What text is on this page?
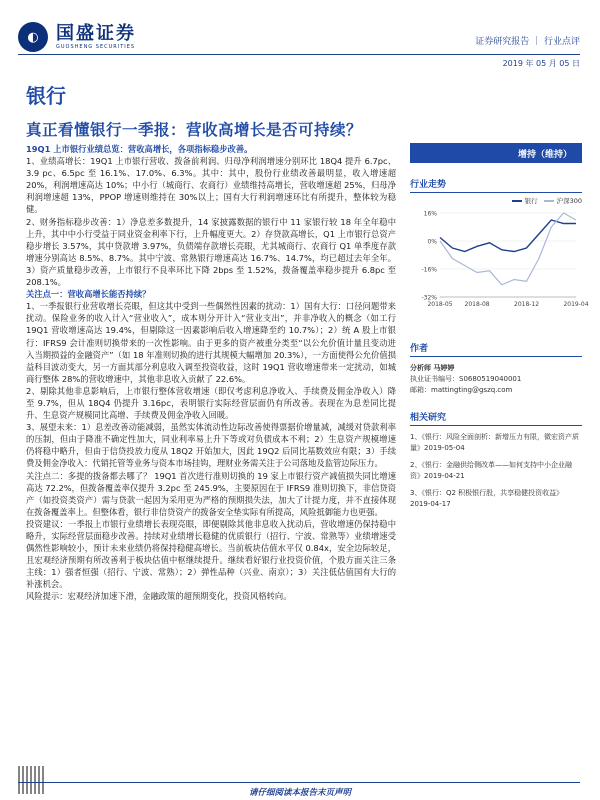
◐ 国盛证券
GUOSHENG SECURITIES	证券研究报告 ｜ 行业点评
2019 年 05 月 05 日
银行
真正看懂银行一季报：营收高增长是否可持续？

19Q1 上市银行业绩总览：营收高增长，各项指标稳步改善。

1、业绩高增长：19Q1 上市银行营收、拨备前利润、归母净利润增速分别环比 18Q4 提升 6.7pc、3.9 pc、6.5pc 至 16.1%、17.0%、6.3%。其中：其中，股份行业绩改善最明显，收入增速超 20%，利润增速高达 10%；中小行（城商行、农商行）业绩维持高增长，营收增速超 25%，归母净利润增速超 13%，PPOP 增速则维持在 30%以上；国有大行利润增速环比有所提升，整体较为稳健。

2、财务指标稳步改善：1）净息差多数提升，14 家披露数据的银行中 11 家银行较 18 年全年稳中上升，其中中小行受益于同业资金利率下行，上升幅度更大。2）存贷款高增长，Q1 上市银行总资产稳步增长 3.57%，其中贷款增 3.97%，负债端存款增长亮眼，尤其城商行、农商行 Q1 单季度存款增速分别高达 8.5%、8.7%。其中宁波、常熟银行增速高达 16.7%、14.7%，均已超过去年全年。3）资产质量稳步改善，上市银行不良率环比下降 2bps 至 1.52%，拨备覆盖率稳步提升 6.8pc 至 208.1%。

关注点一：营收高增长能否持续？

1、一季报银行业营收增长亮眼，但这其中受到一些偶然性因素的扰动：1）国有大行：口径问题带来扰动。保险业务的收入计入“营业收入”，成本则分开计入“营业支出”，并非净收入的概念（如工行 19Q1 营收增速高达 19.4%，但剔除这一因素影响后收入增速降至约 10.7%）；2）统 A 股上市银行：IFRS9 会计准则切换带来的一次性影响。由于更多的资产被重分类至“以公允价值计量且变动进入当期损益的金融资产”（如 18 年准则切换的进行其规模大幅增加 20.3%），一方面使得公允价值损益科目波动变大，另一方面其部分利息收入调至投资收益，这时 19Q1 营收增速带来一定扰动，如城商行整体 28%的营收增速中，其他非息收入贡献了 22.6%。

2、剔除其他非息影响后，上市银行整体营收增速（即仅考虑利息净收入、手续费及佣金净收入）降至 9.7%，但从 18Q4 仍提升 3.16pc，表明银行实际经营层面仍有所改善。表现在为息差同比提升、生息资产规模同比高增、手续费及佣金净收入回暖。

3、展望未来：1）息差改善动能减弱，虽然实体流动性边际改善使得票据价增量减，减缓对贷款利率的压制，但由于降准不确定性加大，同业利率易上升下等或对负债成本不利；2）生息资产规模增速仍将稳中略升，但由于信贷投放力度从 18Q2 开始加大，因此 19Q2 后同比基数效应有限；3）手续费及佣金净收入：代销托管等业务与资本市场挂钩，理财业务需关注于公司落地及监管边际压力。

关注点二：多提的拨备都去哪了？ 19Q1 首次进行准则切换的 19 家上市银行资产减值损失同比增速高达 72.2%，但拨备覆盖率仅提升 3.2pc 至 245.9%，主要原因在于 IFRS9 准则切换下，非信贷资产（如投资类资产）需与贷款一起因为采用更为严格的预期损失法，加大了计提力度，并不直接体现在拨备覆盖率上。但整体看，银行非信贷资产的拨备安全垫实际有所提高，风险抵御能力也更强。

投资建议：一季报上市银行业绩增长表现亮眼，即便剔除其他非息收入扰动后，营收增速仍保持稳中略升，实际经营层面稳步改善。持续对业绩增长稳健的优质银行（招行、宁波、常熟等）业绩增速受偶然性影响较小，预计未来业绩仍将保持稳健高增长。当前板块估值水平仅 0.84x，安全边际较足，且宏观经济预期有所改善利于板块估值中枢继续提升。继续看好银行业投资价值，个股方面关注三条主线：1）强者恒强（招行、宁波、常熟）；2）弹性品种（兴业、南京）；3）关注低估值国有大行的补涨机会。

风险提示：宏观经济加速下滑，金融政策的超预期变化，投资风格转向。

增持（维持）
行业走势
银行	沪深300
16%
0%
-16%
-32%
2018-05 2018-08	2018-12	2019-04
作者
分析师 马婷婷
执业证书编号：S0680519040001
邮箱：mattingting@gszq.com
相关研究
1、《银行：风险全面剖析：新增压力有限，微宏资产质量》2019-05-04
2、《银行：金融供给侧改革——如何支持中小企业融资》2019-04-21
3、《银行：Q2 积极银行股，共享稳健投资收益》2019-04-17
请仔细阅读本报告末页声明
